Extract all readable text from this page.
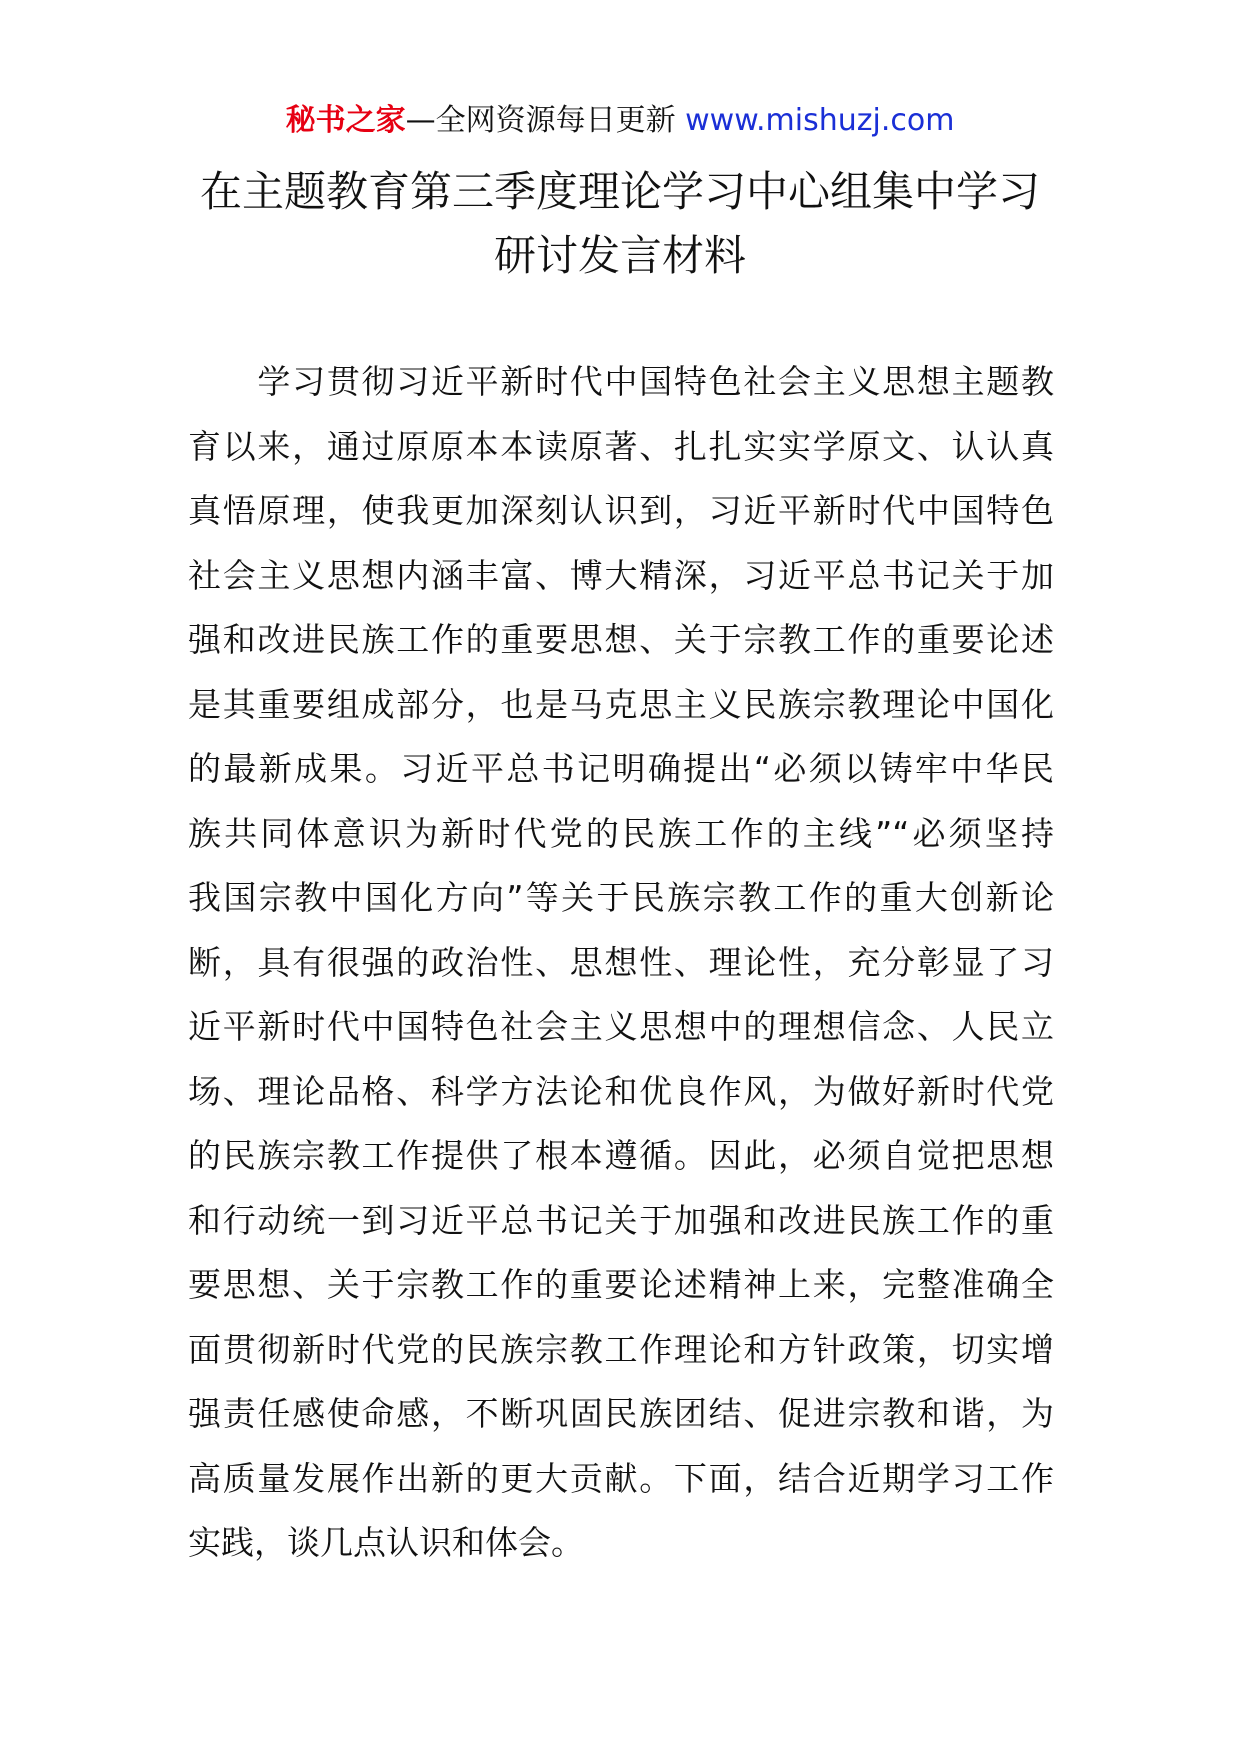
秘书之家—全网资源每日更新 www.mishuzj.com
在主题教育第三季度理论学习中心组集中学习
研讨发言材料
　　学习贯彻习近平新时代中国特色社会主义思想主题教
育以来，通过原原本本读原著、扎扎实实学原文、认认真
真悟原理，使我更加深刻认识到，习近平新时代中国特色
社会主义思想内涵丰富、博大精深，习近平总书记关于加
强和改进民族工作的重要思想、关于宗教工作的重要论述
是其重要组成部分，也是马克思主义民族宗教理论中国化
的最新成果。习近平总书记明确提出“必须以铸牢中华民
族共同体意识为新时代党的民族工作的主线”“必须坚持
我国宗教中国化方向”等关于民族宗教工作的重大创新论
断，具有很强的政治性、思想性、理论性，充分彰显了习
近平新时代中国特色社会主义思想中的理想信念、人民立
场、理论品格、科学方法论和优良作风，为做好新时代党
的民族宗教工作提供了根本遵循。因此，必须自觉把思想
和行动统一到习近平总书记关于加强和改进民族工作的重
要思想、关于宗教工作的重要论述精神上来，完整准确全
面贯彻新时代党的民族宗教工作理论和方针政策，切实增
强责任感使命感，不断巩固民族团结、促进宗教和谐，为
高质量发展作出新的更大贡献。下面，结合近期学习工作
实践，谈几点认识和体会。
